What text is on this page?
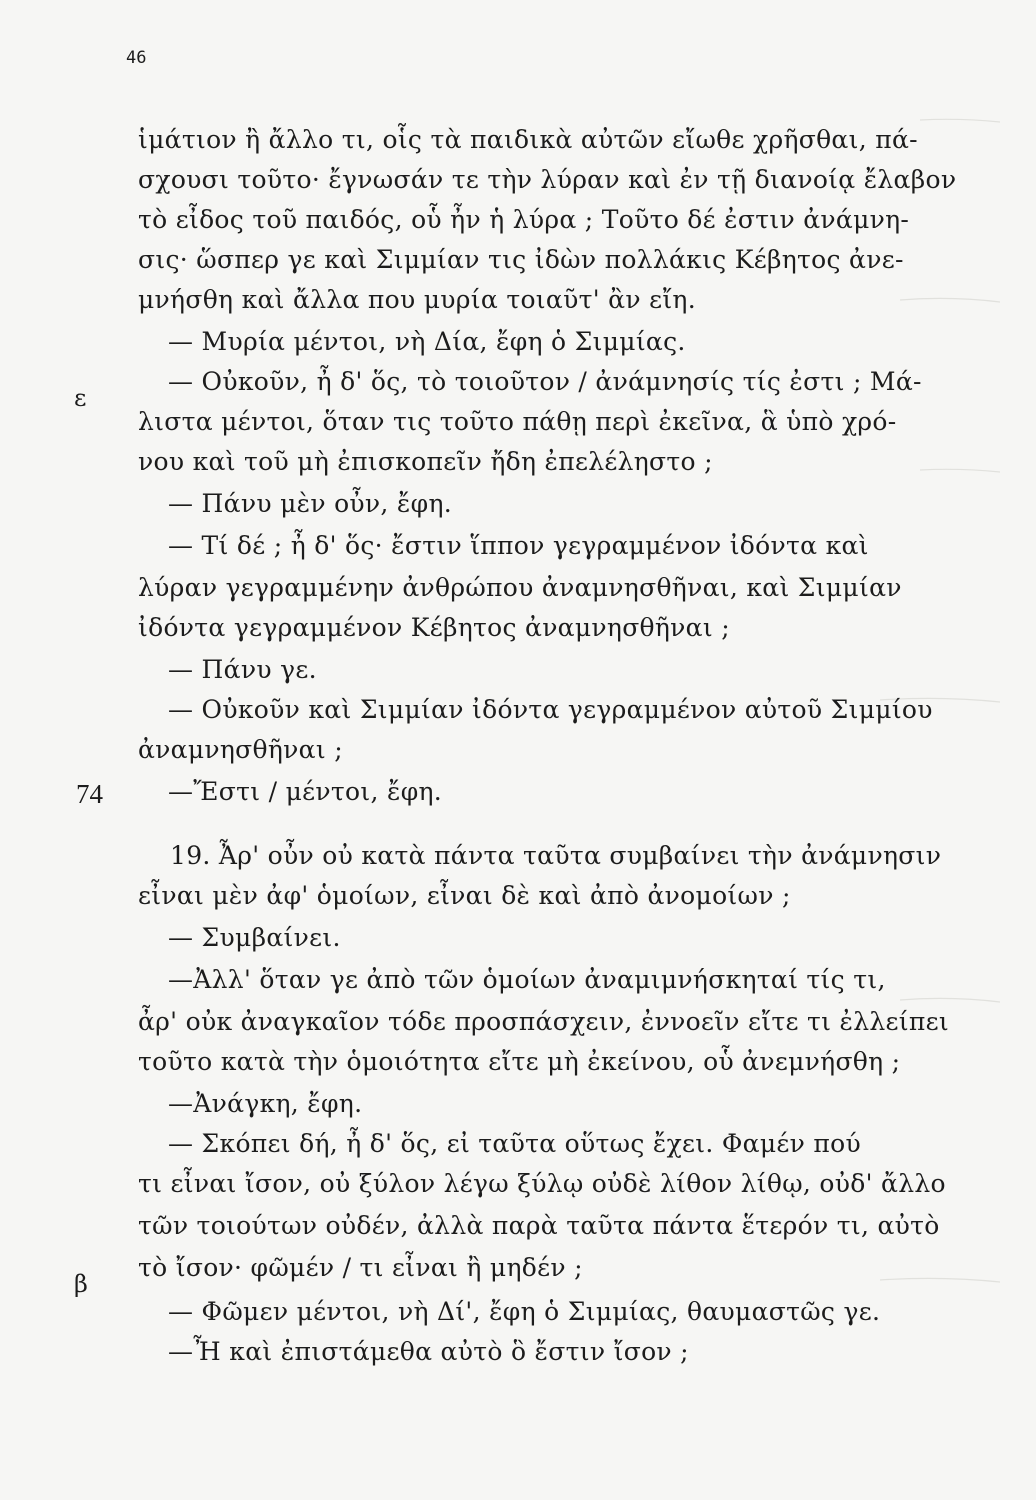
46
ε
74
β
ἱμάτιον ἢ ἄλλο τι, οἷς τὰ παιδικὰ αὐτῶν εἴωθε χρῆσθαι, πά-
σχουσι τοῦτο· ἔγνωσάν τε τὴν λύραν καὶ ἐν τῇ διανοίᾳ ἔλαβον
τὸ εἶδος τοῦ παιδός, οὗ ἦν ἡ λύρα ; Τοῦτο δέ ἐστιν ἀνάμνη-
σις· ὥσπερ γε καὶ Σιμμίαν τις ἰδὼν πολλάκις Κέβητος ἀνε-
μνήσθη καὶ ἄλλα που μυρία τοιαῦτ' ἂν εἴη.
— Μυρία μέντοι, νὴ Δία, ἔφη ὁ Σιμμίας.
— Οὐκοῦν, ἦ δ' ὅς, τὸ τοιοῦτον / ἀνάμνησίς τίς ἐστι ; Μά-
λιστα μέντοι, ὅταν τις τοῦτο πάθῃ περὶ ἐκεῖνα, ἃ ὑπὸ χρό-
νου καὶ τοῦ μὴ ἐπισκοπεῖν ἤδη ἐπελέληστο ;
— Πάνυ μὲν οὖν, ἔφη.
— Τί δέ ; ἦ δ' ὅς· ἔστιν ἵππον γεγραμμένον ἰδόντα καὶ
λύραν γεγραμμένην ἀνθρώπου ἀναμνησθῆναι, καὶ Σιμμίαν
ἰδόντα γεγραμμένον Κέβητος ἀναμνησθῆναι ;
— Πάνυ γε.
— Οὐκοῦν καὶ Σιμμίαν ἰδόντα γεγραμμένον αὐτοῦ Σιμμίου
ἀναμνησθῆναι ;
—Ἔστι / μέντοι, ἔφη.
19. Ἆρ' οὖν οὐ κατὰ πάντα ταῦτα συμβαίνει τὴν ἀνάμνησιν
εἶναι μὲν ἀφ' ὁμοίων, εἶναι δὲ καὶ ἀπὸ ἀνομοίων ;
— Συμβαίνει.
—Ἀλλ' ὅταν γε ἀπὸ τῶν ὁμοίων ἀναμιμνήσκηταί τίς τι,
ἆρ' οὐκ ἀναγκαῖον τόδε προσπάσχειν, ἐννοεῖν εἴτε τι ἐλλείπει
τοῦτο κατὰ τὴν ὁμοιότητα εἴτε μὴ ἐκείνου, οὗ ἀνεμνήσθη ;
—Ἀνάγκη, ἔφη.
— Σκόπει δή, ἦ δ' ὅς, εἰ ταῦτα οὕτως ἔχει. Φαμέν πού
τι εἶναι ἴσον, οὐ ξύλον λέγω ξύλῳ οὐδὲ λίθον λίθῳ, οὐδ' ἄλλο
τῶν τοιούτων οὐδέν, ἀλλὰ παρὰ ταῦτα πάντα ἕτερόν τι, αὐτὸ
τὸ ἴσον· φῶμέν / τι εἶναι ἢ μηδέν ;
— Φῶμεν μέντοι, νὴ Δί', ἔφη ὁ Σιμμίας, θαυμαστῶς γε.
—Ἦ καὶ ἐπιστάμεθα αὐτὸ ὃ ἔστιν ἴσον ;
